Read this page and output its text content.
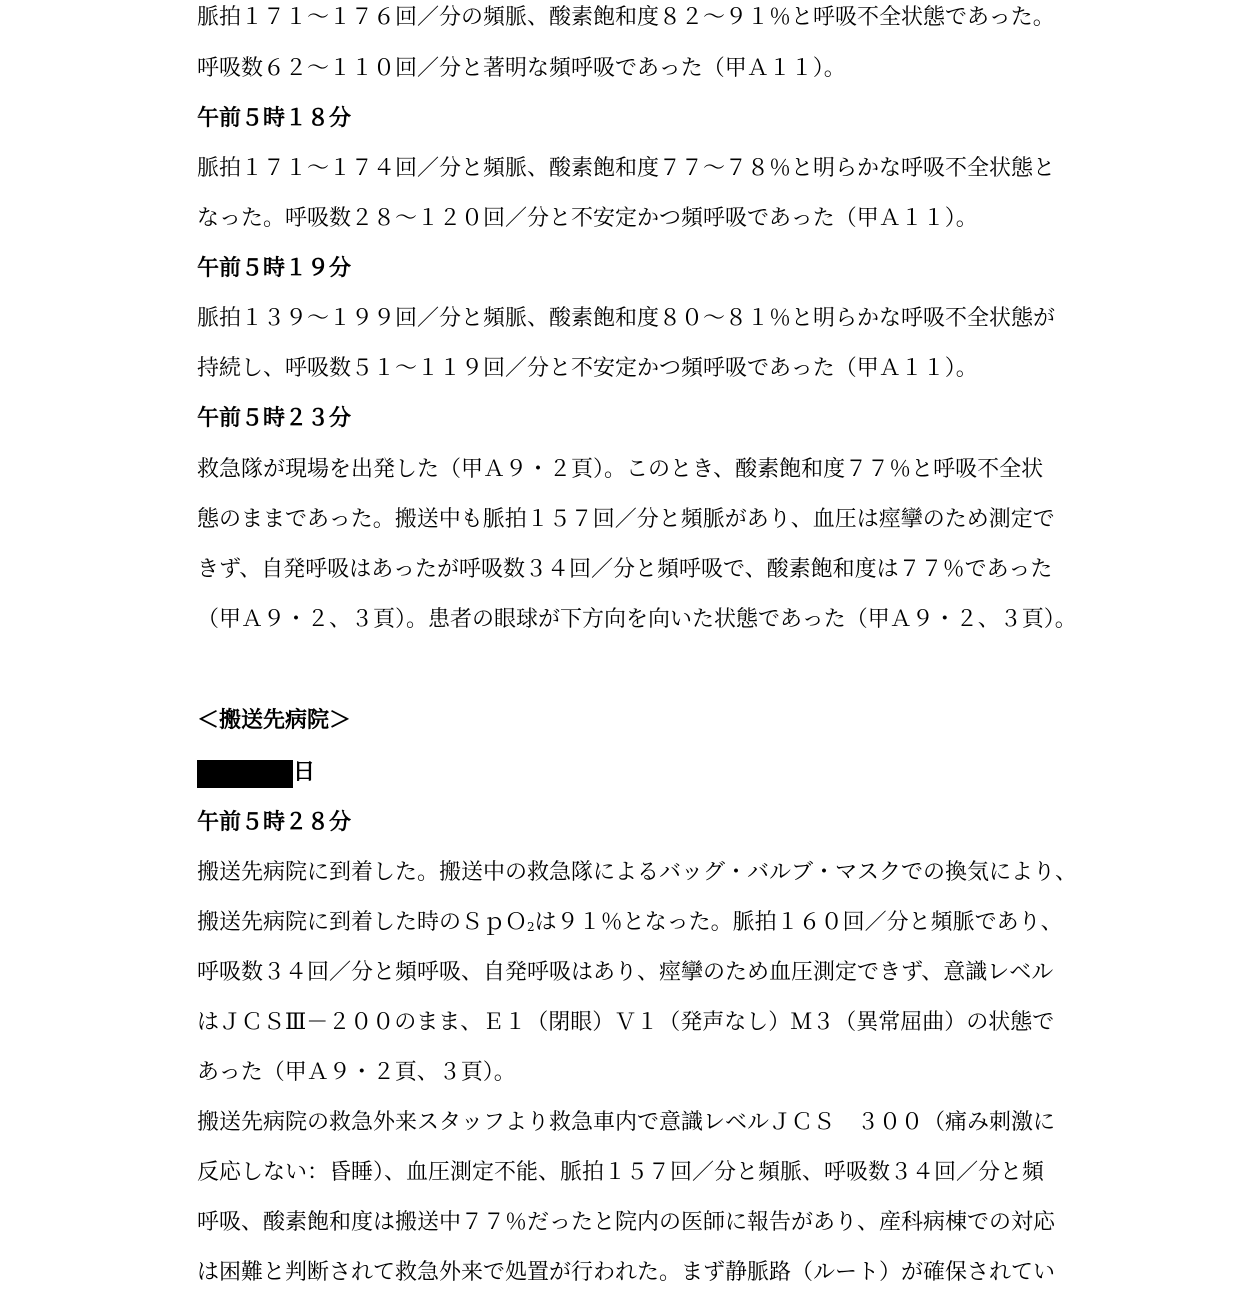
脈拍１７１～１７６回／分の頻脈、酸素飽和度８２～９１％と呼吸不全状態であった。
呼吸数６２～１１０回／分と著明な頻呼吸であった（甲Ａ１１）。
午前５時１８分
脈拍１７１～１７４回／分と頻脈、酸素飽和度７７～７８％と明らかな呼吸不全状態と
なった。呼吸数２８～１２０回／分と不安定かつ頻呼吸であった（甲Ａ１１）。
午前５時１９分
脈拍１３９～１９９回／分と頻脈、酸素飽和度８０～８１％と明らかな呼吸不全状態が
持続し、呼吸数５１～１１９回／分と不安定かつ頻呼吸であった（甲Ａ１１）。
午前５時２３分
救急隊が現場を出発した（甲Ａ９・２頁）。このとき、酸素飽和度７７％と呼吸不全状
態のままであった。搬送中も脈拍１５７回／分と頻脈があり、血圧は痙攣のため測定で
きず、自発呼吸はあったが呼吸数３４回／分と頻呼吸で、酸素飽和度は７７％であった
（甲Ａ９・２、３頁）。患者の眼球が下方向を向いた状態であった（甲Ａ９・２、３頁）。
＜搬送先病院＞
日
午前５時２８分
搬送先病院に到着した。搬送中の救急隊によるバッグ・バルブ・マスクでの換気により、
搬送先病院に到着した時のＳｐＯ2は９１％となった。脈拍１６０回／分と頻脈であり、
呼吸数３４回／分と頻呼吸、自発呼吸はあり、痙攣のため血圧測定できず、意識レベル
はＪＣＳⅢ－２００のまま、Ｅ１（閉眼）Ｖ１（発声なし）Ｍ３（異常屈曲）の状態で
あった（甲Ａ９・２頁、３頁）。
搬送先病院の救急外来スタッフより救急車内で意識レベルＪＣＳ　３００（痛み刺激に
反応しない：昏睡）、血圧測定不能、脈拍１５７回／分と頻脈、呼吸数３４回／分と頻
呼吸、酸素飽和度は搬送中７７％だったと院内の医師に報告があり、産科病棟での対応
は困難と判断されて救急外来で処置が行われた。まず静脈路（ルート）が確保されてい
